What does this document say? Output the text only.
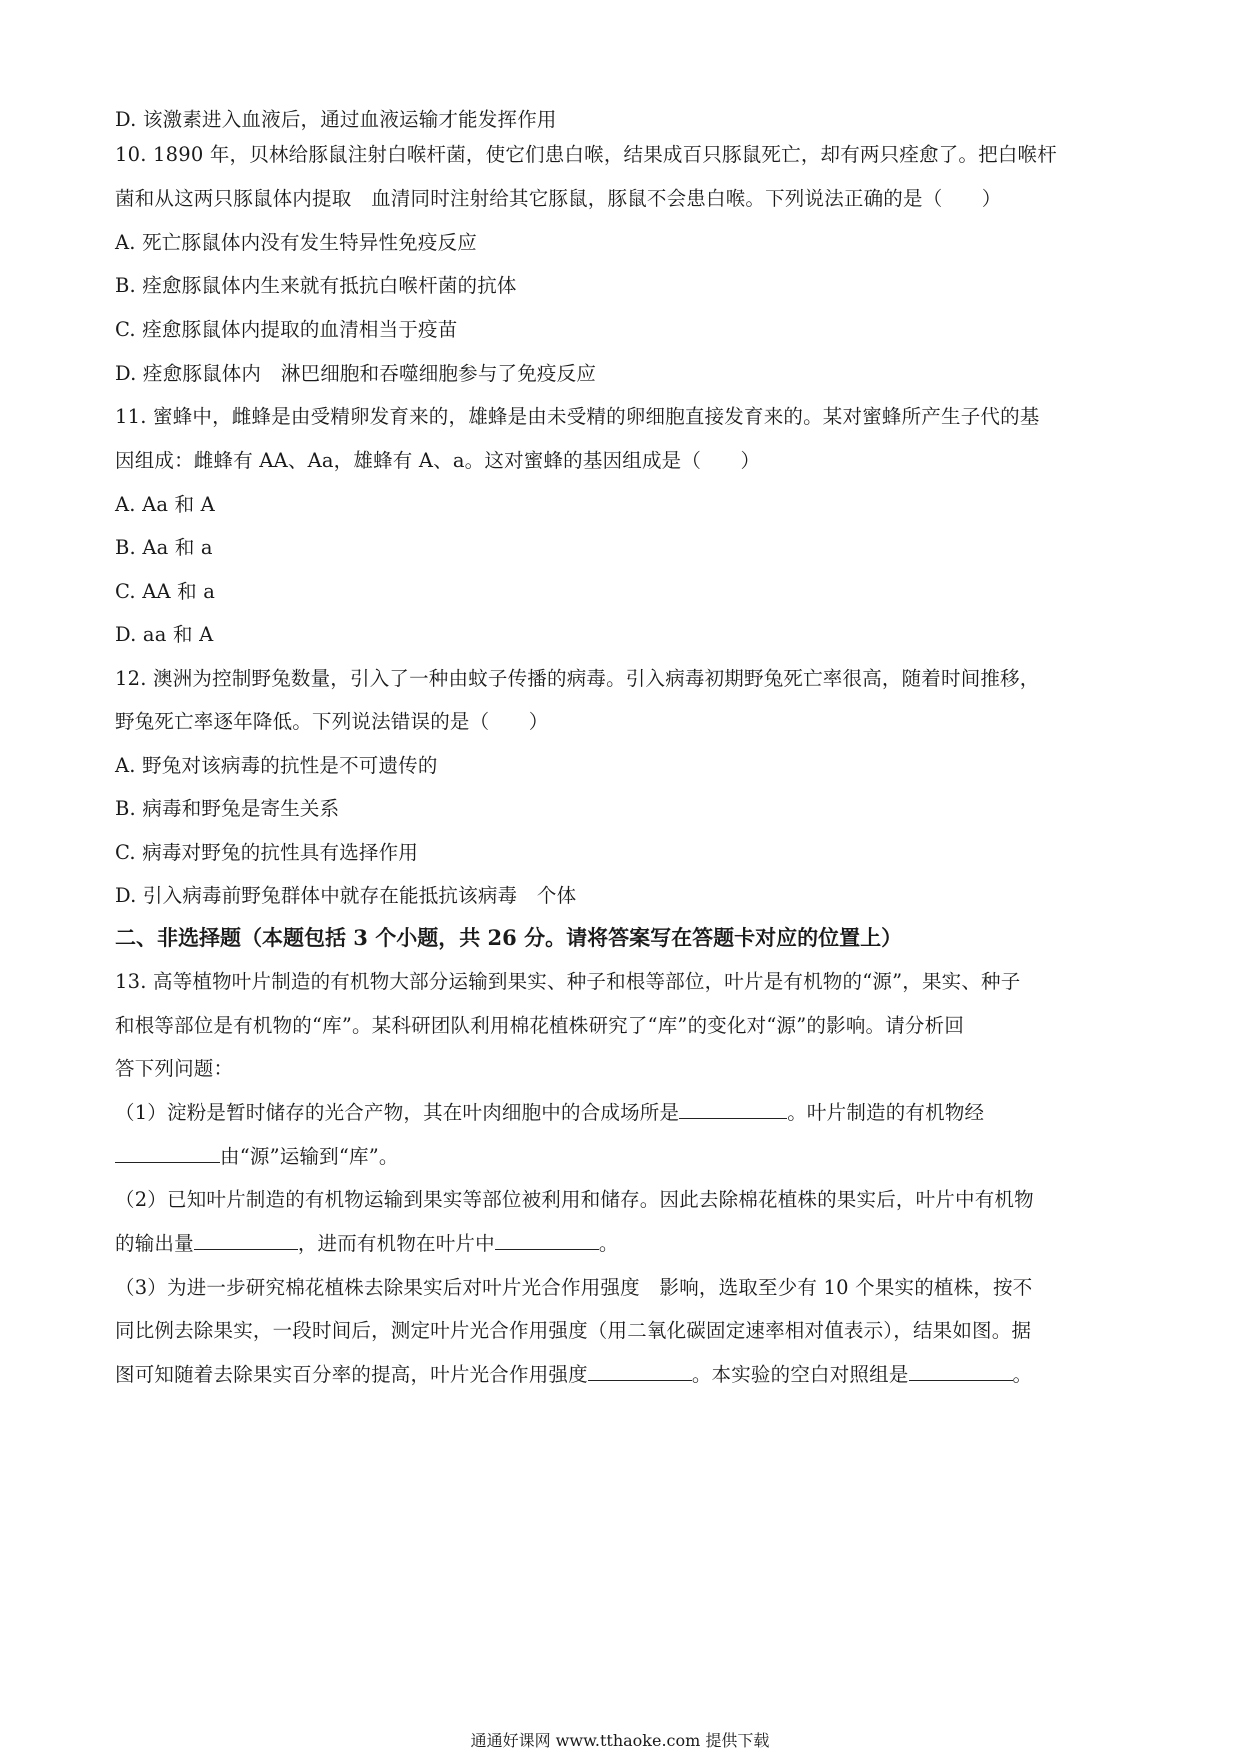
D. 该激素进入血液后，通过血液运输才能发挥作用
10. 1890 年，贝林给豚鼠注射白喉杆菌，使它们患白喉，结果成百只豚鼠死亡，却有两只痊愈了。把白喉杆
菌和从这两只豚鼠体内提取　血清同时注射给其它豚鼠，豚鼠不会患白喉。下列说法正确的是（　　）
A. 死亡豚鼠体内没有发生特异性免疫反应
B. 痊愈豚鼠体内生来就有抵抗白喉杆菌的抗体
C. 痊愈豚鼠体内提取的血清相当于疫苗
D. 痊愈豚鼠体内　淋巴细胞和吞噬细胞参与了免疫反应
11. 蜜蜂中，雌蜂是由受精卵发育来的，雄蜂是由未受精的卵细胞直接发育来的。某对蜜蜂所产生子代的基
因组成：雌蜂有 AA、Aa，雄蜂有 A、a。这对蜜蜂的基因组成是（　　）
A. Aa 和 A
B. Aa 和 a
C. AA 和 a
D. aa 和 A
12. 澳洲为控制野兔数量，引入了一种由蚊子传播的病毒。引入病毒初期野兔死亡率很高，随着时间推移，
野兔死亡率逐年降低。下列说法错误的是（　　）
A. 野兔对该病毒的抗性是不可遗传的
B. 病毒和野兔是寄生关系
C. 病毒对野兔的抗性具有选择作用
D. 引入病毒前野兔群体中就存在能抵抗该病毒　个体
二、非选择题（本题包括 3 个小题，共 26 分。请将答案写在答题卡对应的位置上）
13. 高等植物叶片制造的有机物大部分运输到果实、种子和根等部位，叶片是有机物的“源”，果实、种子
和根等部位是有机物的“库”。某科研团队利用棉花植株研究了“库”的变化对“源”的影响。请分析回
答下列问题：
（1）淀粉是暂时储存的光合产物，其在叶肉细胞中的合成场所是	。叶片制造的有机物经
由“源”运输到“库”。
（2）已知叶片制造的有机物运输到果实等部位被利用和储存。因此去除棉花植株的果实后，叶片中有机物
的输出量	，进而有机物在叶片中	。
（3）为进一步研究棉花植株去除果实后对叶片光合作用强度　影响，选取至少有 10 个果实的植株，按不
同比例去除果实，一段时间后，测定叶片光合作用强度（用二氧化碳固定速率相对值表示），结果如图。据
图可知随着去除果实百分率的提高，叶片光合作用强度	。本实验的空白对照组是	。
通通好课网 www.tthaoke.com 提供下载
